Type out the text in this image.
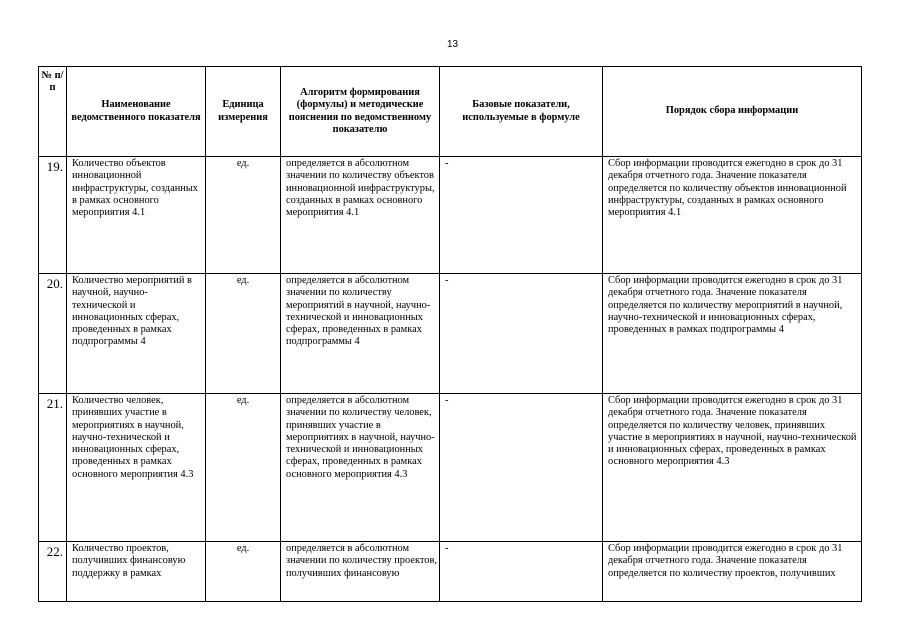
13
№ п/п	Наименование ведомственного показателя	Единица измерения	Алгоритм формирования (формулы) и методические пояснения по ведомственному показателю	Базовые показатели, используемые в формуле	Порядок сбора информации
19.	Количество объектов инновационной инфраструктуры, созданных в рамках основного мероприятия 4.1	ед.	определяется в абсолютном значении по количеству объектов инновационной инфраструктуры, созданных в рамках основного мероприятия 4.1	-	Сбор информации проводится ежегодно в срок до 31 декабря отчетного года. Значение показателя определяется по количеству объектов инновационной инфраструктуры, созданных в рамках основного мероприятия 4.1
20.	Количество мероприятий в научной, научно-технической и инновационных сферах, проведенных в рамках подпрограммы 4	ед.	определяется в абсолютном значении по количеству мероприятий в научной, научно-технической и инновационных сферах, проведенных в рамках подпрограммы 4	-	Сбор информации проводится ежегодно в срок до 31 декабря отчетного года. Значение показателя определяется по количеству мероприятий в научной, научно-технической и инновационных сферах, проведенных в рамках подпрограммы 4
21.	Количество человек, принявших участие в мероприятиях в научной, научно-технической и инновационных сферах, проведенных в рамках основного мероприятия 4.3	ед.	определяется в абсолютном значении по количеству человек, принявших участие в мероприятиях в научной, научно-технической и инновационных сферах, проведенных в рамках основного мероприятия 4.3	-	Сбор информации проводится ежегодно в срок до 31 декабря отчетного года. Значение показателя определяется по количеству человек, принявших участие в мероприятиях в научной, научно-технической и инновационных сферах, проведенных в рамках основного мероприятия 4.3
22.	Количество проектов, получивших финансовую поддержку в рамках	ед.	определяется в абсолютном значении по количеству проектов, получивших финансовую	-	Сбор информации проводится ежегодно в срок до 31 декабря отчетного года. Значение показателя определяется по количеству проектов, получивших
